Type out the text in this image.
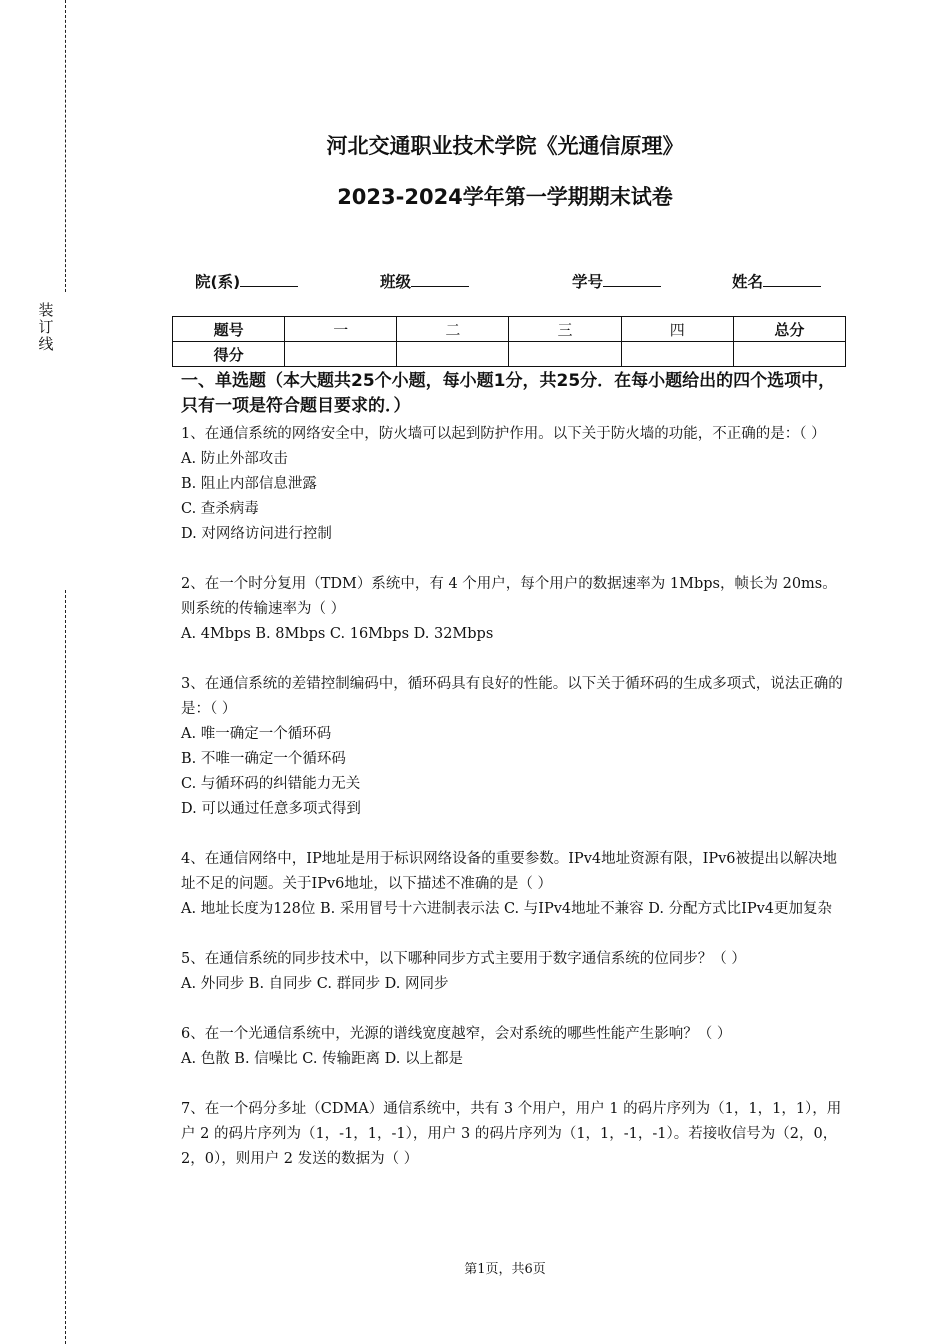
装
订
线
河北交通职业技术学院《光通信原理》
2023-2024学年第一学期期末试卷
院(系)	班级	学号	姓名
题号	一	二	三	四	总分
得分					
一、单选题（本大题共25个小题，每小题1分，共25分．在每小题给出的四个选项中，只有一项是符合题目要求的．）

1、在通信系统的网络安全中，防火墙可以起到防护作用。以下关于防火墙的功能，不正确的是：（ ）

A. 防止外部攻击

B. 阻止内部信息泄露

C. 查杀病毒

D. 对网络访问进行控制

2、在一个时分复用（TDM）系统中，有 4 个用户，每个用户的数据速率为 1Mbps，帧长为 20ms。则系统的传输速率为（ ）

A. 4Mbps B. 8Mbps C. 16Mbps D. 32Mbps

3、在通信系统的差错控制编码中，循环码具有良好的性能。以下关于循环码的生成多项式，说法正确的是：（ ）

A. 唯一确定一个循环码

B. 不唯一确定一个循环码

C. 与循环码的纠错能力无关

D. 可以通过任意多项式得到

4、在通信网络中，IP地址是用于标识网络设备的重要参数。IPv4地址资源有限，IPv6被提出以解决地址不足的问题。关于IPv6地址，以下描述不准确的是（ ）

A. 地址长度为128位 B. 采用冒号十六进制表示法 C. 与IPv4地址不兼容 D. 分配方式比IPv4更加复杂

5、在通信系统的同步技术中，以下哪种同步方式主要用于数字通信系统的位同步？（ ）

A. 外同步 B. 自同步 C. 群同步 D. 网同步

6、在一个光通信系统中，光源的谱线宽度越窄，会对系统的哪些性能产生影响？（ ）

A. 色散 B. 信噪比 C. 传输距离 D. 以上都是

7、在一个码分多址（CDMA）通信系统中，共有 3 个用户，用户 1 的码片序列为（1，1，1，1），用户 2 的码片序列为（1，-1，1，-1），用户 3 的码片序列为（1，1，-1，-1）。若接收信号为（2，0，2，0），则用户 2 发送的数据为（ ）

第1页，共6页
